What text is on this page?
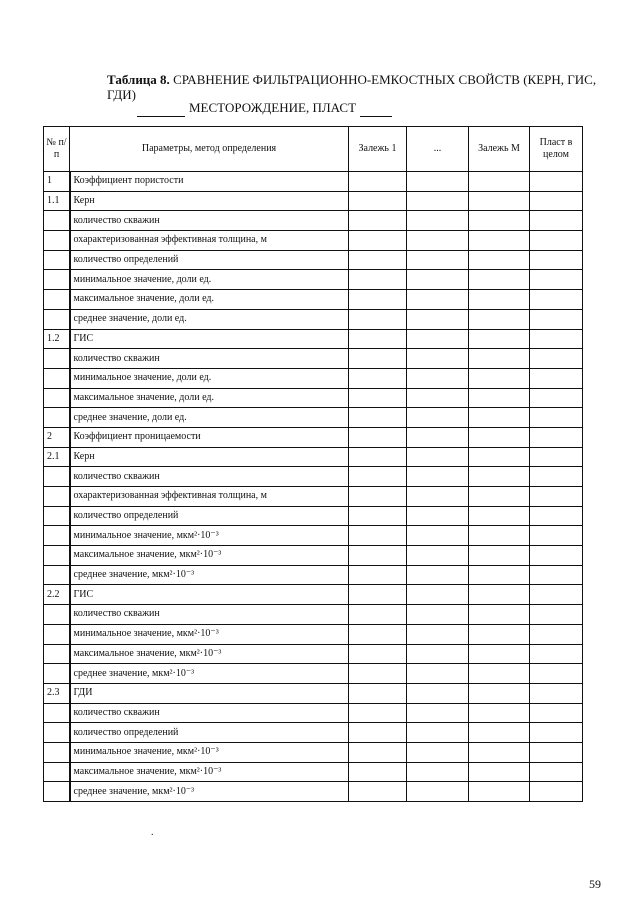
Таблица 8. СРАВНЕНИЕ ФИЛЬТРАЦИОННО-ЕМКОСТНЫХ СВОЙСТВ (КЕРН, ГИС, ГДИ)
МЕСТОРОЖДЕНИЕ, ПЛАСТ
№ п/п	Параметры, метод определения	Залежь 1	...	Залежь М	Пласт в целом
1	Коэффициент пористости				
1.1	Керн				
	количество скважин				
	охарактеризованная эффективная толщина, м				
	количество определений				
	минимальное значение, доли ед.				
	максимальное значение, доли ед.				
	среднее значение, доли ед.				
1.2	ГИС				
	количество скважин				
	минимальное значение, доли ед.				
	максимальное значение, доли ед.				
	среднее значение, доли ед.				
2	Коэффициент проницаемости				
2.1	Керн				
	количество скважин				
	охарактеризованная эффективная толщина, м				
	количество определений				
	минимальное значение, мкм²·10⁻³				
	максимальное значение, мкм²·10⁻³				
	среднее значение, мкм²·10⁻³				
2.2	ГИС				
	количество скважин				
	минимальное значение, мкм²·10⁻³				
	максимальное значение, мкм²·10⁻³				
	среднее значение, мкм²·10⁻³				
2.3	ГДИ				
	количество скважин				
	количество определений				
	минимальное значение, мкм²·10⁻³				
	максимальное значение, мкм²·10⁻³				
	среднее значение, мкм²·10⁻³				
.
59
